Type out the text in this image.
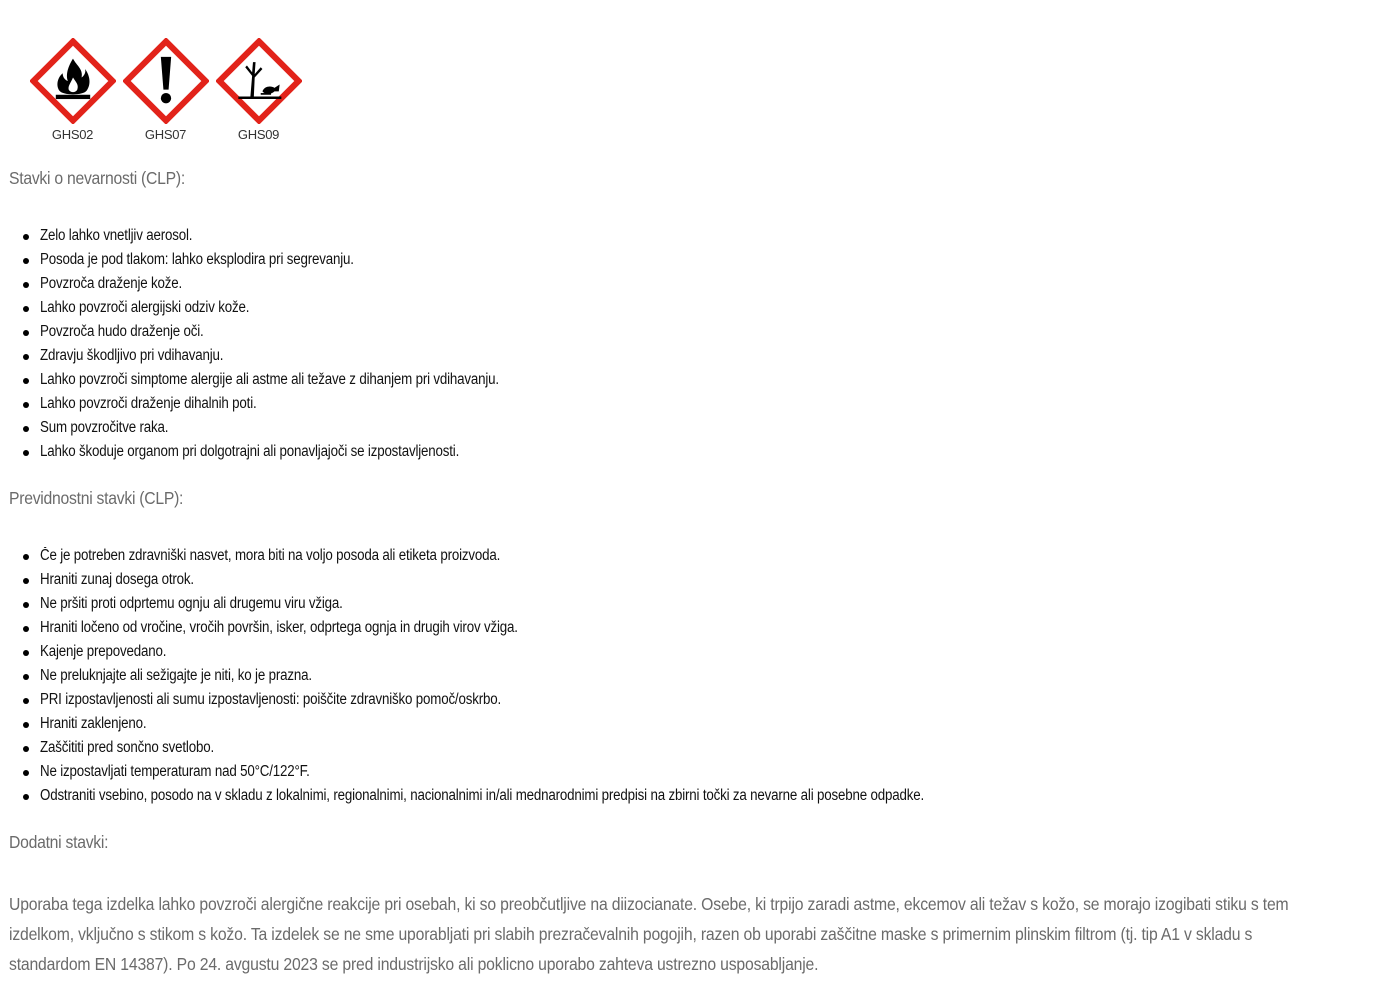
GHS02	GHS07	GHS09
Stavki o nevarnosti (CLP):
Zelo lahko vnetljiv aerosol.
Posoda je pod tlakom: lahko eksplodira pri segrevanju.
Povzroča draženje kože.
Lahko povzroči alergijski odziv kože.
Povzroča hudo draženje oči.
Zdravju škodljivo pri vdihavanju.
Lahko povzroči simptome alergije ali astme ali težave z dihanjem pri vdihavanju.
Lahko povzroči draženje dihalnih poti.
Sum povzročitve raka.
Lahko škoduje organom pri dolgotrajni ali ponavljajoči se izpostavljenosti.
Previdnostni stavki (CLP):
Če je potreben zdravniški nasvet, mora biti na voljo posoda ali etiketa proizvoda.
Hraniti zunaj dosega otrok.
Ne pršiti proti odprtemu ognju ali drugemu viru vžiga.
Hraniti ločeno od vročine, vročih površin, isker, odprtega ognja in drugih virov vžiga.
Kajenje prepovedano.
Ne preluknjajte ali sežigajte je niti, ko je prazna.
PRI izpostavljenosti ali sumu izpostavljenosti: poiščite zdravniško pomoč/oskrbo.
Hraniti zaklenjeno.
Zaščititi pred sončno svetlobo.
Ne izpostavljati temperaturam nad 50°C/122°F.
Odstraniti vsebino, posodo na v skladu z lokalnimi, regionalnimi, nacionalnimi in/ali mednarodnimi predpisi na zbirni točki za nevarne ali posebne odpadke.
Dodatni stavki:

Uporaba tega izdelka lahko povzroči alergične reakcije pri osebah, ki so preobčutljive na diizocianate. Osebe, ki trpijo zaradi astme, ekcemov ali težav s kožo, se morajo izogibati stiku s tem izdelkom, vključno s stikom s kožo. Ta izdelek se ne sme uporabljati pri slabih prezračevalnih pogojih, razen ob uporabi zaščitne maske s primernim plinskim filtrom (tj. tip A1 v skladu s standardom EN 14387). Po 24. avgustu 2023 se pred industrijsko ali poklicno uporabo zahteva ustrezno usposabljanje.
